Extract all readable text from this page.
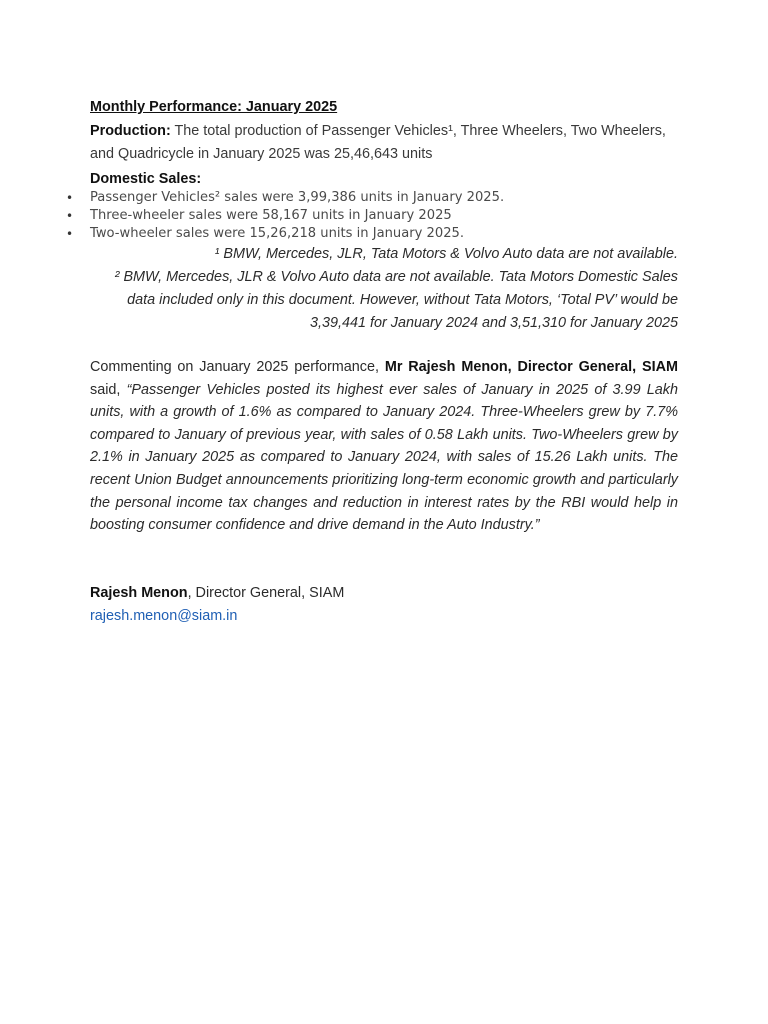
Monthly Performance: January 2025

Production: The total production of Passenger Vehicles¹, Three Wheelers, Two Wheelers, and Quadricycle in January 2025 was 25,46,643 units

Domestic Sales:
• Passenger Vehicles² sales were 3,99,386 units in January 2025.
• Three-wheeler sales were 58,167 units in January 2025
• Two-wheeler sales were 15,26,218 units in January 2025.

¹ BMW, Mercedes, JLR, Tata Motors & Volvo Auto data are not available.

² BMW, Mercedes, JLR & Volvo Auto data are not available. Tata Motors Domestic Sales data included only in this document. However, without Tata Motors, ‘Total PV’ would be 3,39,441 for January 2024 and 3,51,310 for January 2025

Commenting on January 2025 performance, Mr Rajesh Menon, Director General, SIAM said, “Passenger Vehicles posted its highest ever sales of January in 2025 of 3.99 Lakh units, with a growth of 1.6% as compared to January 2024. Three-Wheelers grew by 7.7% compared to January of previous year, with sales of 0.58 Lakh units. Two-Wheelers grew by 2.1% in January 2025 as compared to January 2024, with sales of 15.26 Lakh units. The recent Union Budget announcements prioritizing long-term economic growth and particularly the personal income tax changes and reduction in interest rates by the RBI would help in boosting consumer confidence and drive demand in the Auto Industry.”
Rajesh Menon, Director General, SIAM
rajesh.menon@siam.in
